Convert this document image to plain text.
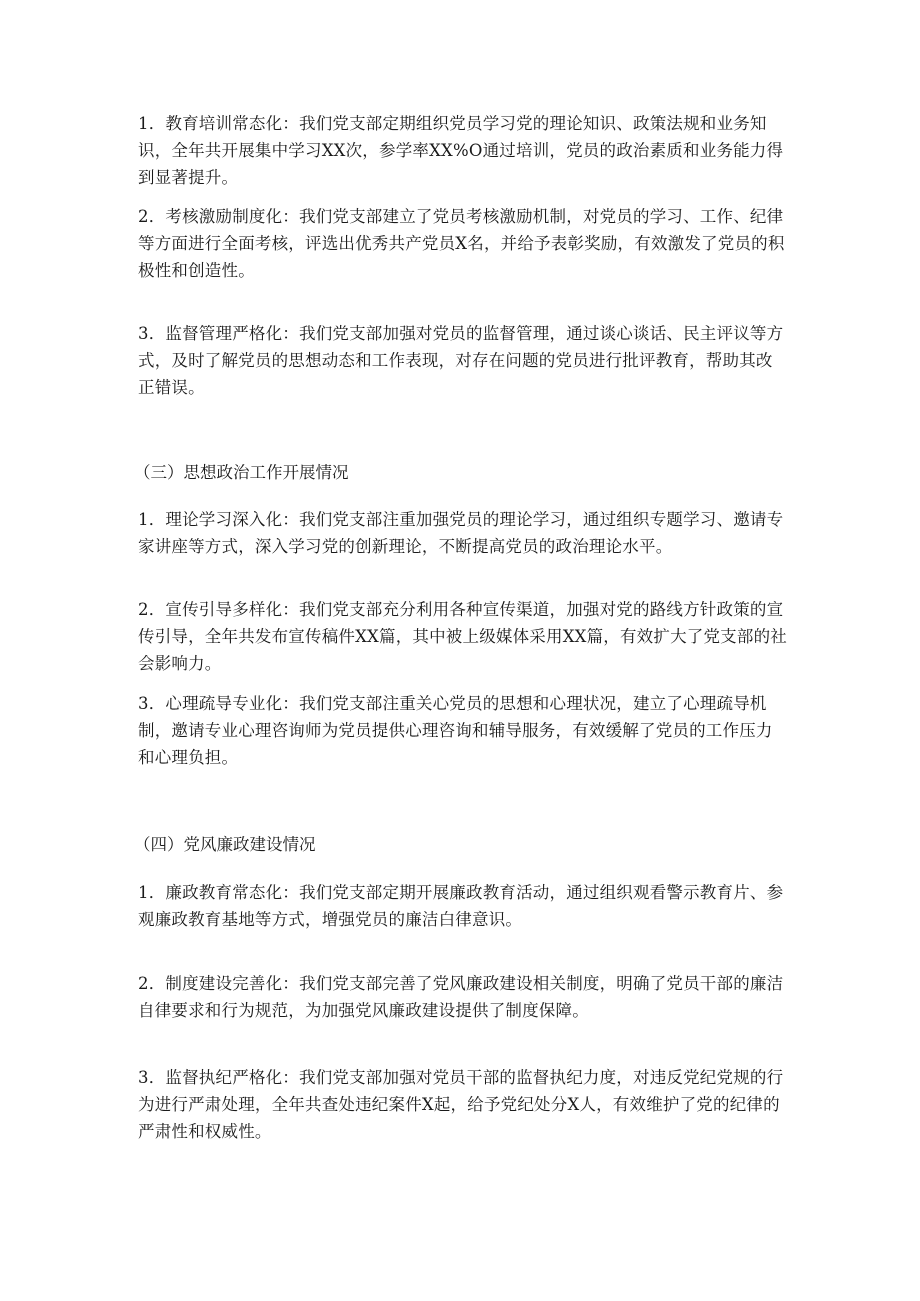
1．教育培训常态化：我们党支部定期组织党员学习党的理论知识、政策法规和业务知识，全年共开展集中学习XX次，参学率XX%O通过培训，党员的政治素质和业务能力得到显著提升。

2．考核激励制度化：我们党支部建立了党员考核激励机制，对党员的学习、工作、纪律等方面进行全面考核，评选出优秀共产党员X名，并给予表彰奖励，有效激发了党员的积极性和创造性。

3．监督管理严格化：我们党支部加强对党员的监督管理，通过谈心谈话、民主评议等方式，及时了解党员的思想动态和工作表现，对存在问题的党员进行批评教育，帮助其改正错误。

（三）思想政治工作开展情况

1．理论学习深入化：我们党支部注重加强党员的理论学习，通过组织专题学习、邀请专家讲座等方式，深入学习党的创新理论，不断提高党员的政治理论水平。

2．宣传引导多样化：我们党支部充分利用各种宣传渠道，加强对党的路线方针政策的宣传引导，全年共发布宣传稿件XX篇，其中被上级媒体采用XX篇，有效扩大了党支部的社会影响力。

3．心理疏导专业化：我们党支部注重关心党员的思想和心理状况，建立了心理疏导机制，邀请专业心理咨询师为党员提供心理咨询和辅导服务，有效缓解了党员的工作压力和心理负担。

（四）党风廉政建设情况

1．廉政教育常态化：我们党支部定期开展廉政教育活动，通过组织观看警示教育片、参观廉政教育基地等方式，增强党员的廉洁白律意识。

2．制度建设完善化：我们党支部完善了党风廉政建设相关制度，明确了党员干部的廉洁自律要求和行为规范，为加强党风廉政建设提供了制度保障。

3．监督执纪严格化：我们党支部加强对党员干部的监督执纪力度，对违反党纪党规的行为进行严肃处理，全年共查处违纪案件X起，给予党纪处分X人，有效维护了党的纪律的严肃性和权威性。
